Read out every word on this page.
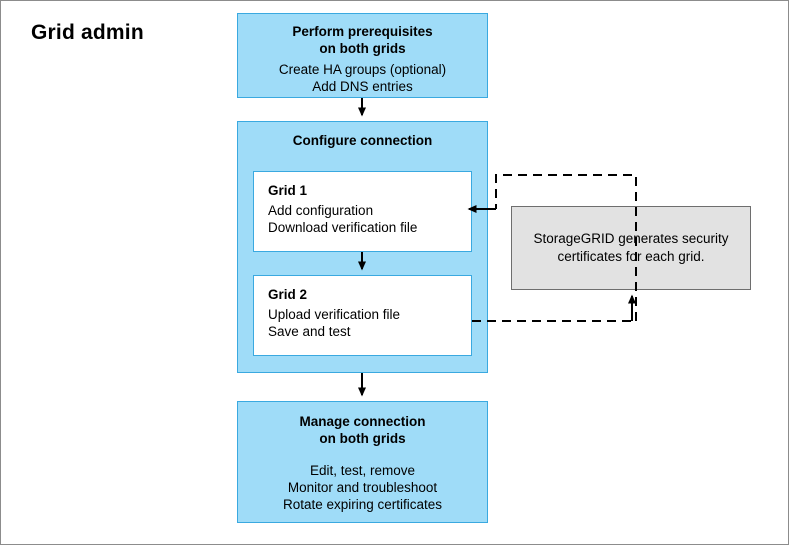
Grid admin	Perform prerequisites
on both grids
Create HA groups (optional)
Add DNS entries
Configure connection
Grid 1
Add configuration
Download verification file
Grid 2
Upload verification file
Save and test
StorageGRID generates security certificates for each grid.
Manage connection
on both grids
Edit, test, remove
Monitor and troubleshoot
Rotate expiring certificates
